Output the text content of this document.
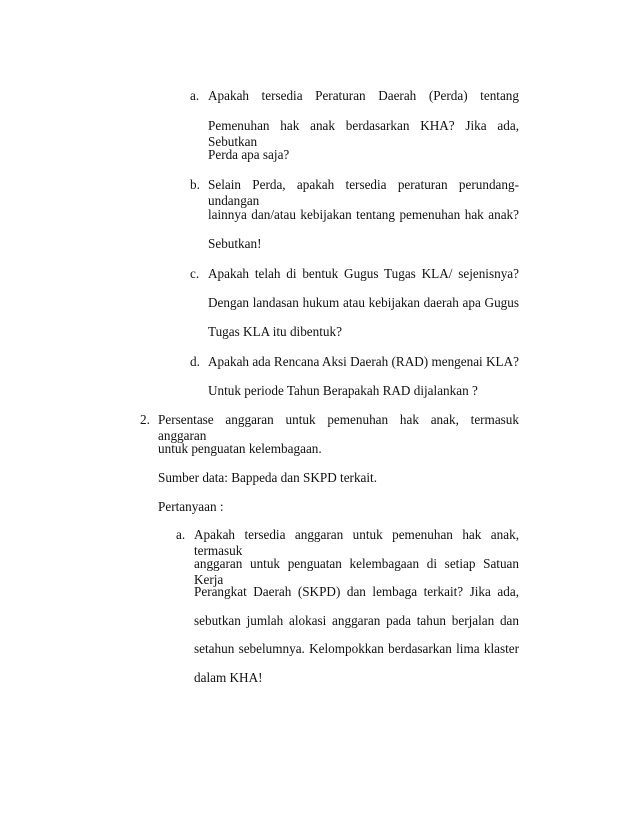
a. Apakah tersedia Peraturan Daerah (Perda) tentang
Pemenuhan hak anak berdasarkan KHA? Jika ada, Sebutkan
Perda apa saja?
b. Selain Perda, apakah tersedia peraturan perundang-undangan
lainnya dan/atau kebijakan tentang pemenuhan hak anak?
Sebutkan!
c. Apakah telah di bentuk Gugus Tugas KLA/ sejenisnya?
Dengan landasan hukum atau kebijakan daerah apa Gugus
Tugas KLA itu dibentuk?
d. Apakah ada Rencana Aksi Daerah (RAD) mengenai KLA?
Untuk periode Tahun Berapakah RAD dijalankan ?
2. Persentase anggaran untuk pemenuhan hak anak, termasuk anggaran
untuk penguatan kelembagaan.
Sumber data: Bappeda dan SKPD terkait.
Pertanyaan :
a. Apakah tersedia anggaran untuk pemenuhan hak anak, termasuk
anggaran untuk penguatan kelembagaan di setiap Satuan Kerja
Perangkat Daerah (SKPD) dan lembaga terkait? Jika ada,
sebutkan jumlah alokasi anggaran pada tahun berjalan dan
setahun sebelumnya. Kelompokkan berdasarkan lima klaster
dalam KHA!
